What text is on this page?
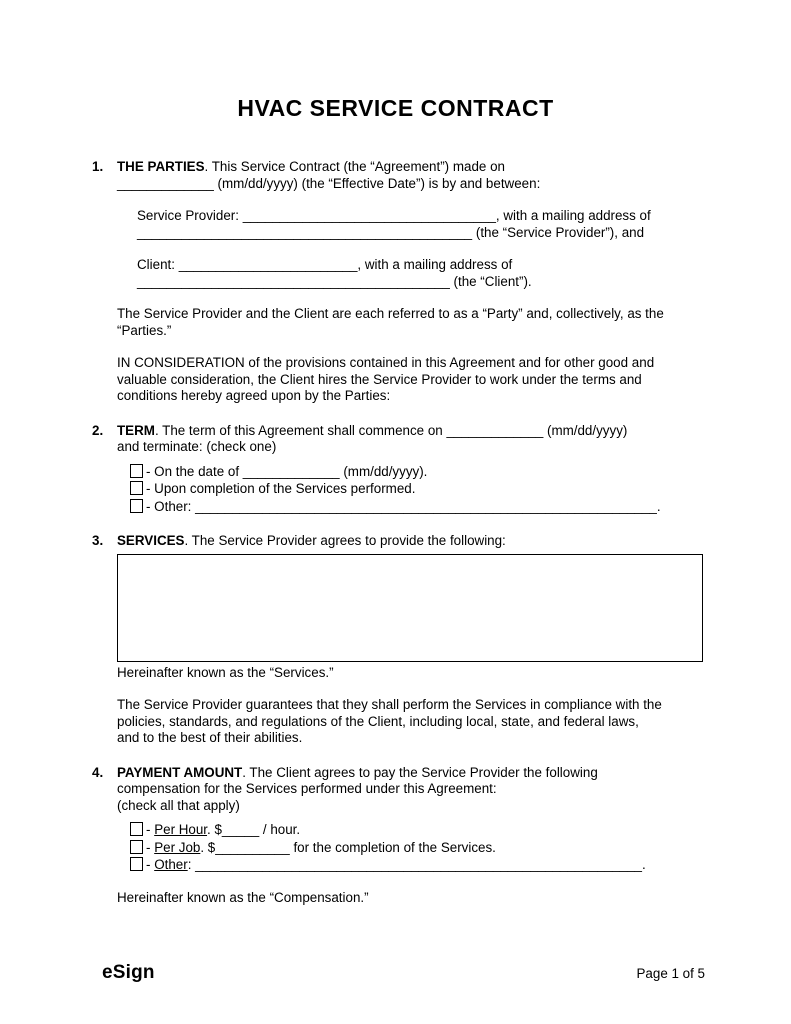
HVAC SERVICE CONTRACT
1.	THE PARTIES. This Service Contract (the “Agreement”) made on
_____________ (mm/dd/yyyy) (the “Effective Date”) is by and between:
Service Provider: __________________________________, with a mailing address of
_____________________________________________ (the “Service Provider”), and
Client: ________________________, with a mailing address of
__________________________________________ (the “Client”).
The Service Provider and the Client are each referred to as a “Party” and, collectively, as the
“Parties.”
IN CONSIDERATION of the provisions contained in this Agreement and for other good and
valuable consideration, the Client hires the Service Provider to work under the terms and
conditions hereby agreed upon by the Parties:
2.	TERM. The term of this Agreement shall commence on _____________ (mm/dd/yyyy)
and terminate: (check one)
- On the date of _____________ (mm/dd/yyyy).
- Upon completion of the Services performed.
- Other: ______________________________________________________________.
3.	SERVICES. The Service Provider agrees to provide the following:
Hereinafter known as the “Services.”
The Service Provider guarantees that they shall perform the Services in compliance with the
policies, standards, and regulations of the Client, including local, state, and federal laws,
and to the best of their abilities.
4.	PAYMENT AMOUNT. The Client agrees to pay the Service Provider the following
compensation for the Services performed under this Agreement:
(check all that apply)
- Per Hour. $_____ / hour.
- Per Job. $__________ for the completion of the Services.
- Other: ____________________________________________________________.
Hereinafter known as the “Compensation.”
eSign	Page 1 of 5
